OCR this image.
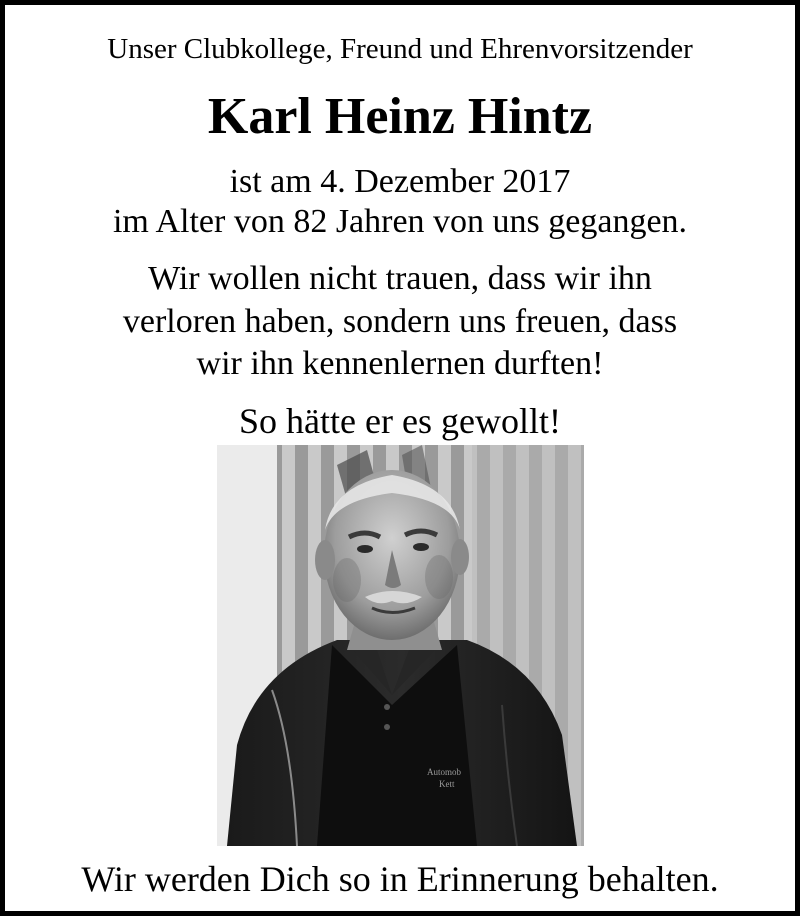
Unser Clubkollege, Freund und Ehrenvorsitzender
Karl Heinz Hintz
ist am 4. Dezember 2017
im Alter von 82 Jahren von uns gegangen.
Wir wollen nicht trauen, dass wir ihn
verloren haben, sondern uns freuen, dass
wir ihn kennenlernen durften!
So hätte er es gewollt!
Automob
Kett
Wir werden Dich so in Erinnerung behalten.
